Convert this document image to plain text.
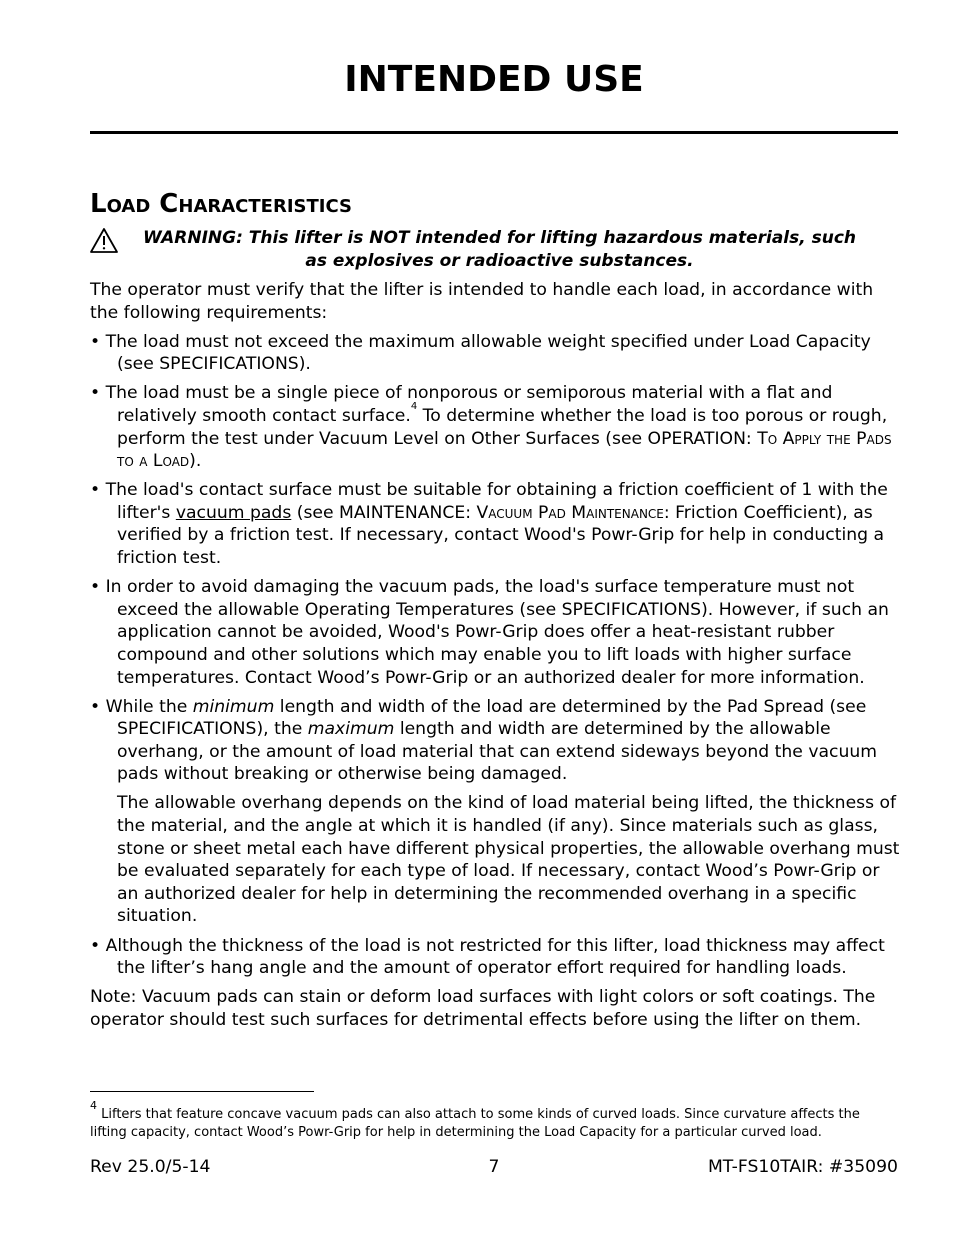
INTENDED USE
Load Characteristics
WARNING: This lifter is NOT intended for lifting hazardous materials, such as explosives or radioactive substances.

The operator must verify that the lifter is intended to handle each load, in accordance with the following requirements:

• The load must not exceed the maximum allowable weight specified under Load Capacity (see SPECIFICATIONS).
• The load must be a single piece of nonporous or semiporous material with a flat and relatively smooth contact surface.$^4$ To determine whether the load is too porous or rough, perform the test under Vacuum Level on Other Surfaces (see OPERATION: To Apply the Pads to a Load).
• The load's contact surface must be suitable for obtaining a friction coefficient of 1 with the lifter's vacuum pads (see MAINTENANCE: Vacuum Pad Maintenance: Friction Coefficient), as verified by a friction test. If necessary, contact Wood's Powr-Grip for help in conducting a friction test.
• In order to avoid damaging the vacuum pads, the load's surface temperature must not exceed the allowable Operating Temperatures (see SPECIFICATIONS). However, if such an application cannot be avoided, Wood's Powr-Grip does offer a heat-resistant rubber compound and other solutions which may enable you to lift loads with higher surface temperatures. Contact Wood’s Powr-Grip or an authorized dealer for more information.
• While the minimum length and width of the load are determined by the Pad Spread (see SPECIFICATIONS), the maximum length and width are determined by the allowable overhang, or the amount of load material that can extend sideways beyond the vacuum pads without breaking or otherwise being damaged.
The allowable overhang depends on the kind of load material being lifted, the thickness of the material, and the angle at which it is handled (if any). Since materials such as glass, stone or sheet metal each have different physical properties, the allowable overhang must be evaluated separately for each type of load. If necessary, contact Wood’s Powr-Grip or an authorized dealer for help in determining the recommended overhang in a specific situation.
• Although the thickness of the load is not restricted for this lifter, load thickness may affect the lifter’s hang angle and the amount of operator effort required for handling loads.

Note: Vacuum pads can stain or deform load surfaces with light colors or soft coatings. The operator should test such surfaces for detrimental effects before using the lifter on them.

$^4$ Lifters that feature concave vacuum pads can also attach to some kinds of curved loads. Since curvature affects the lifting capacity, contact Wood’s Powr-Grip for help in determining the Load Capacity for a particular curved load.
Rev 25.0/5-14	7	MT-FS10TAIR: #35090
